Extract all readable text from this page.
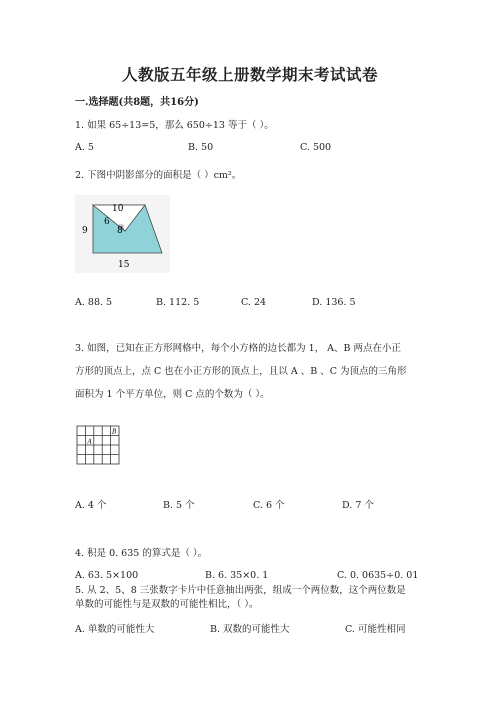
人教版五年级上册数学期末考试试卷
一.选择题(共8题，共16分)
1. 如果 65÷13=5，那么 650÷13 等于（ ）。
A. 5	B. 50	C. 500
2. 下图中阴影部分的面积是（ ）cm²。
10
9
15
6
8
A. 88. 5	B. 112. 5	C. 24	D. 136. 5
3. 如图，已知在正方形网格中，每个小方格的边长都为 1， A、B 两点在小正
方形的顶点上，点 C 也在小正方形的顶点上，且以 A 、B 、C 为顶点的三角形
面积为 1 个平方单位，则 C 点的个数为（ ）。
A
B
A. 4 个	B. 5 个	C. 6 个	D. 7 个
4. 积是 0. 635 的算式是（ ）。
A. 63. 5×100	B. 6. 35×0. 1	C. 0. 0635÷0. 01
5. 从 2、5、8 三张数字卡片中任意抽出两张，组成一个两位数，这个两位数是
单数的可能性与是双数的可能性相比，（ ）。
A. 单数的可能性大	B. 双数的可能性大	C. 可能性相同
